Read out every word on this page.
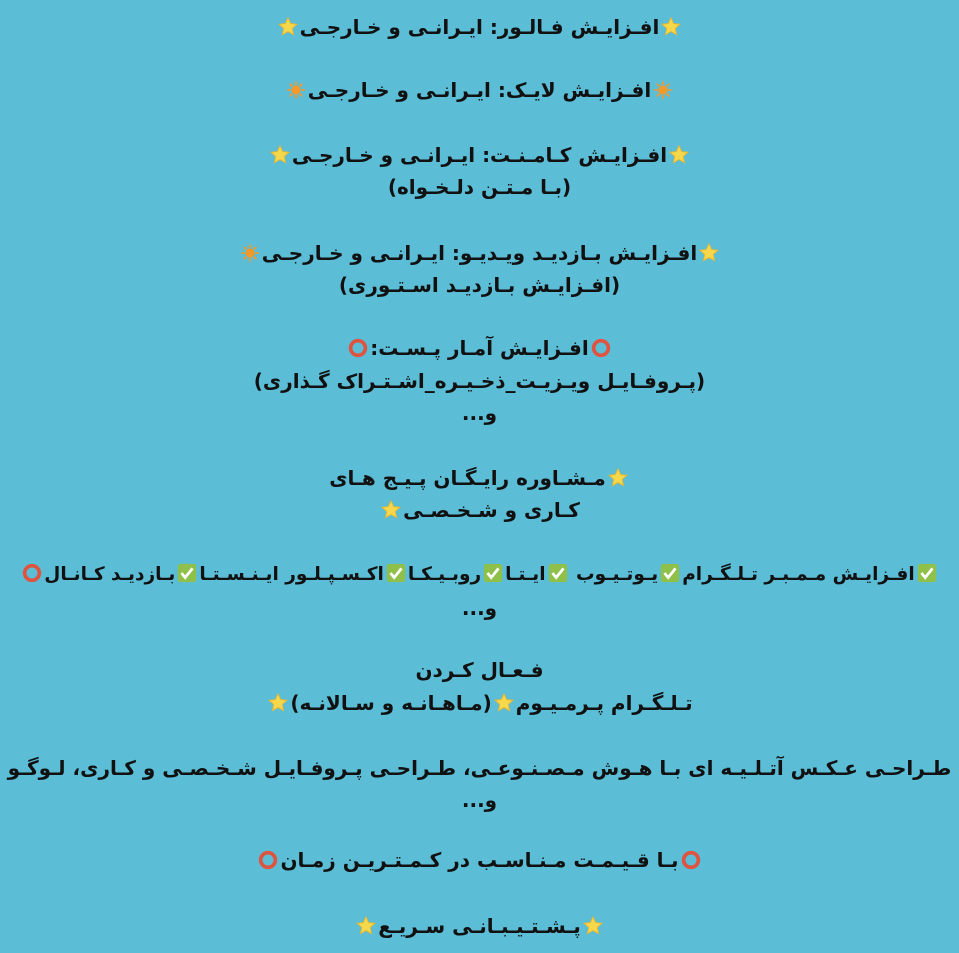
افـزایـش فـالـور: ایـرانـی و خـارجـی
افـزایـش لایـک: ایـرانـی و خـارجـی
افـزایـش کـامـنـت: ایـرانـی و خـارجـی
(بـا مـتـن دلـخـواه)
افـزایـش بـازدیـد ویـدیـو: ایـرانـی و خـارجـی
(افـزایـش بـازدیـد اسـتـوری)
افـزایـش آمـار پـسـت:
(پـروفـایـل ویـزیـت_ذخـیـره_اشـتـراک گـذاری)
و...
مـشـاوره رایـگـان پـیـج هـای
کـاری و شـخـصـی
افـزایـش مـمـبـر تـلـگـرام
یـوتـیـوب
ایـتـا
روبـیـکـا
اکـسـپـلـور ایـنـسـتـا
بـازدیـد کـانـال
و...
فـعـال کـردن
تـلـگـرام پـرمـیـوم
(مـاهـانـه و سـالانـه)
طـراحـی عـکـس آتـلـیـه ای بـا هـوش مـصـنـوعـی، طـراحـی پـروفـایـل شـخـصـی و کـاری، لـوگـو
و...
بـا قـیـمـت مـنـاسـب در کـمـتـریـن زمـان
پـشـتـیـبـانـی سـریـع
